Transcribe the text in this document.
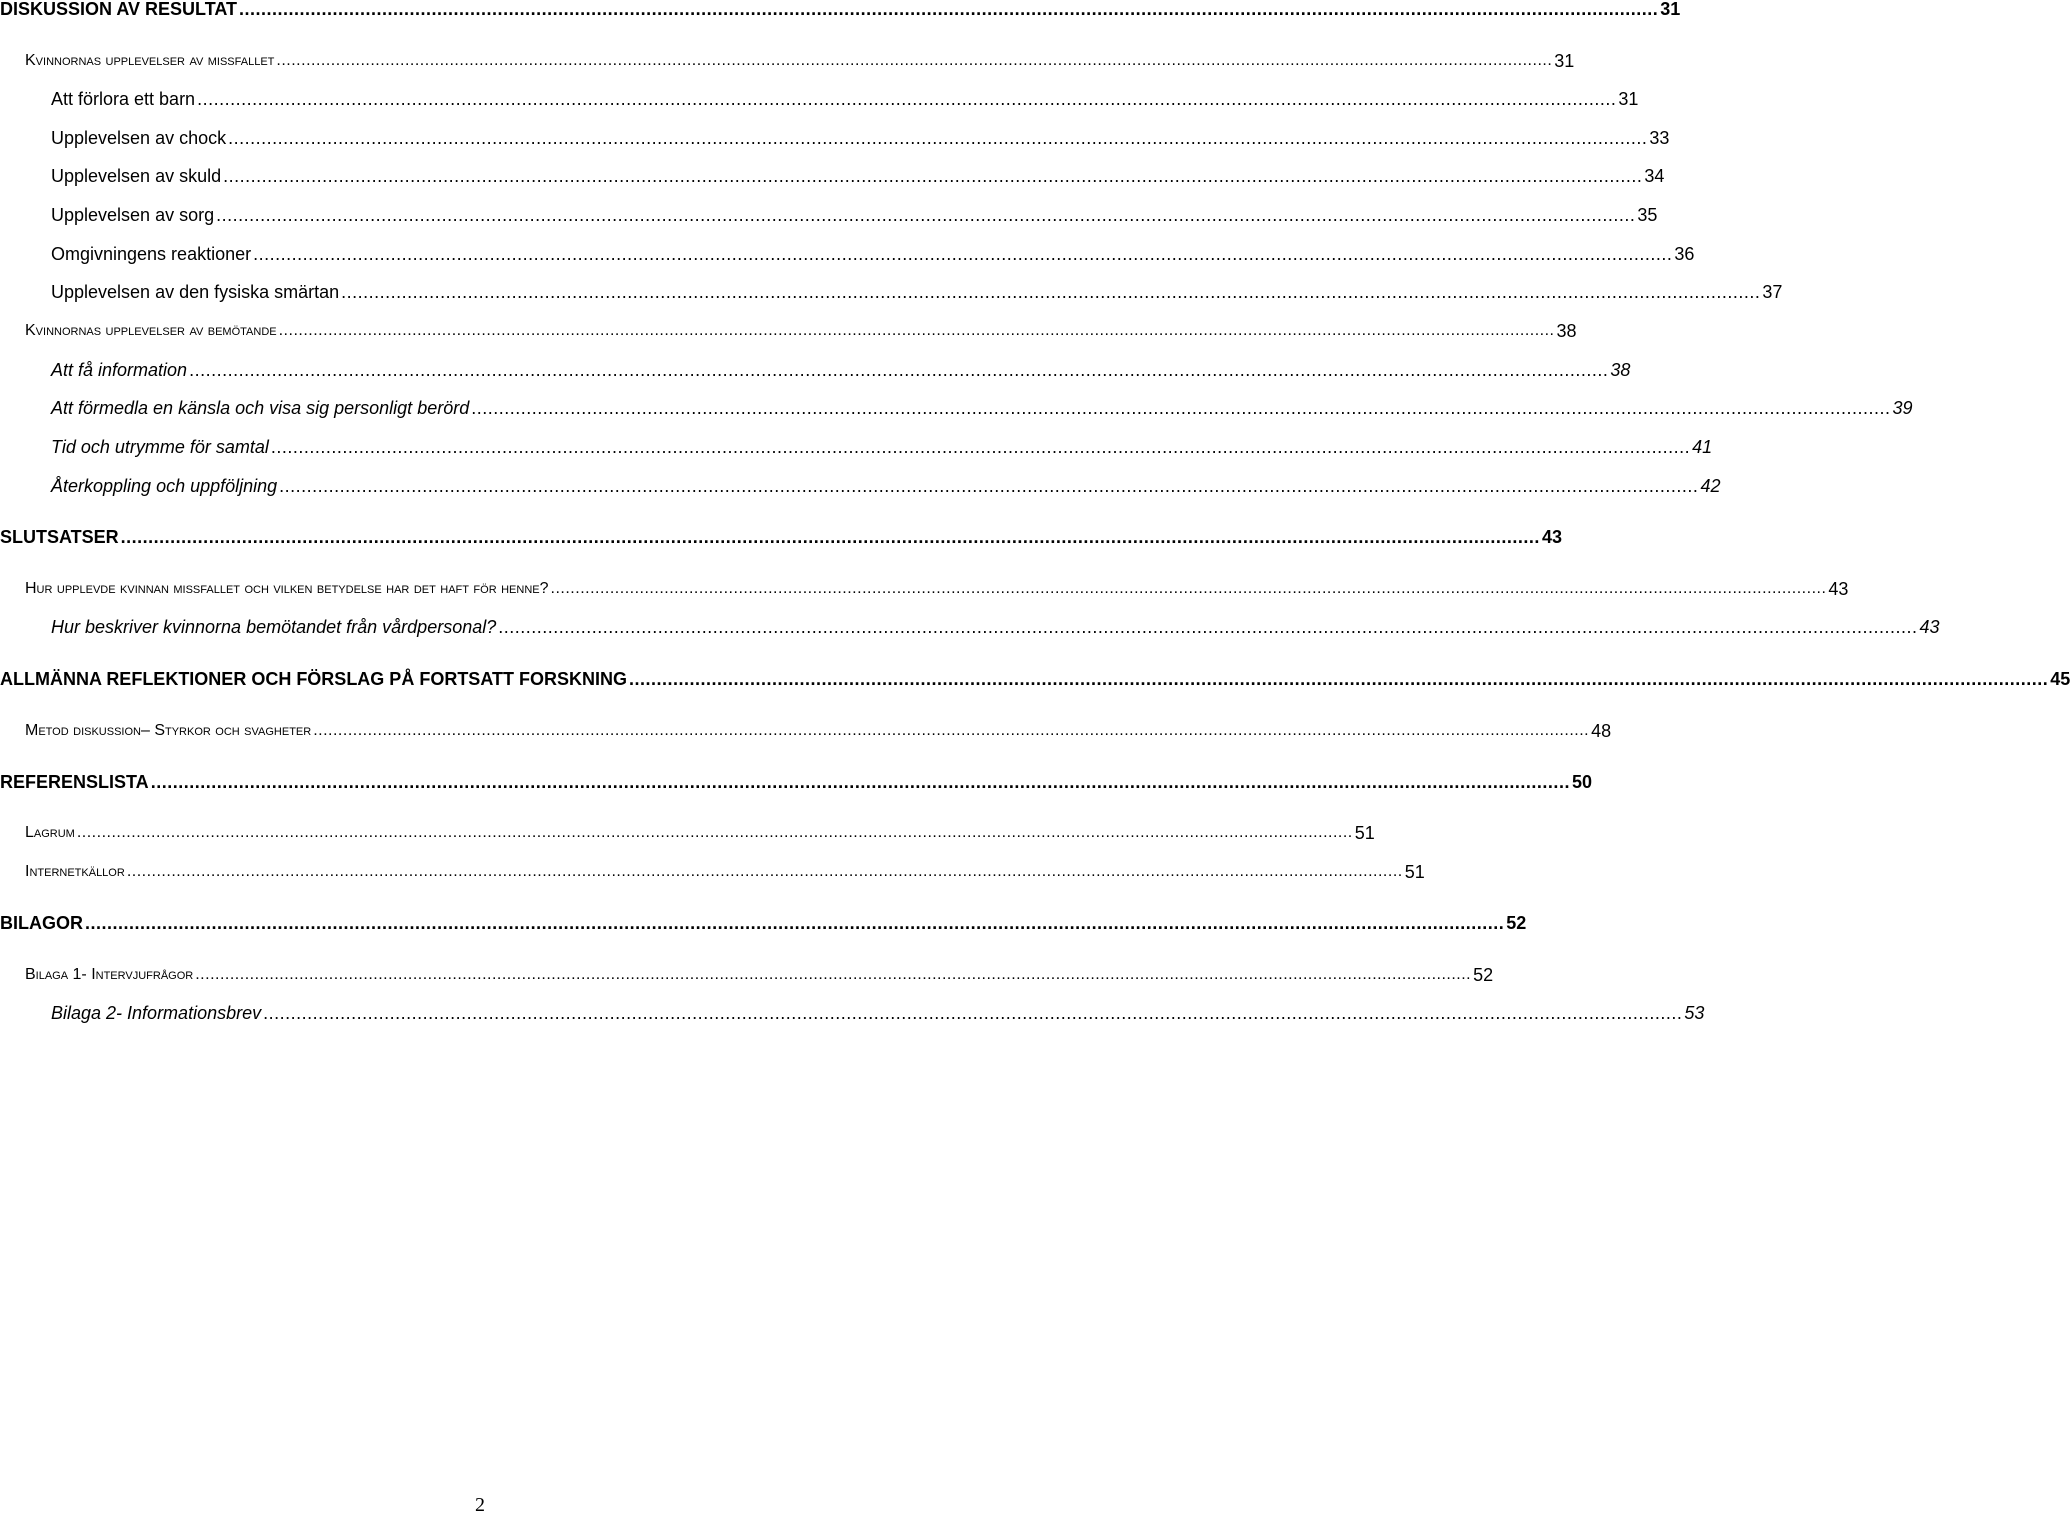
DISKUSSION AV RESULTAT .....	31
Kvinnornas upplevelser av missfallet .....	31
Att förlora ett barn .....	31
Upplevelsen av chock .....	33
Upplevelsen av skuld .....	34
Upplevelsen av sorg .....	35
Omgivningens reaktioner .....	36
Upplevelsen av den fysiska smärtan .....	37
Kvinnornas upplevelser av bemötande .....	38
Att få information .....	38
Att förmedla en känsla och visa sig personligt berörd .....	39
Tid och utrymme för samtal .....	41
Återkoppling och uppföljning .....	42
SLUTSATSER .....	43
Hur upplevde kvinnan missfallet och vilken betydelse har det haft för henne? .....	43
Hur beskriver kvinnorna bemötandet från vårdpersonal? .....	43
ALLMÄNNA REFLEKTIONER OCH FÖRSLAG PÅ FORTSATT FORSKNING .....	45
Metod diskussion– Styrkor och svagheter .....	48
REFERENSLISTA .....	50
Lagrum .....	51
Internetkällor .....	51
BILAGOR .....	52
Bilaga 1- Intervjufrågor .....	52
Bilaga 2- Informationsbrev .....	53
2
